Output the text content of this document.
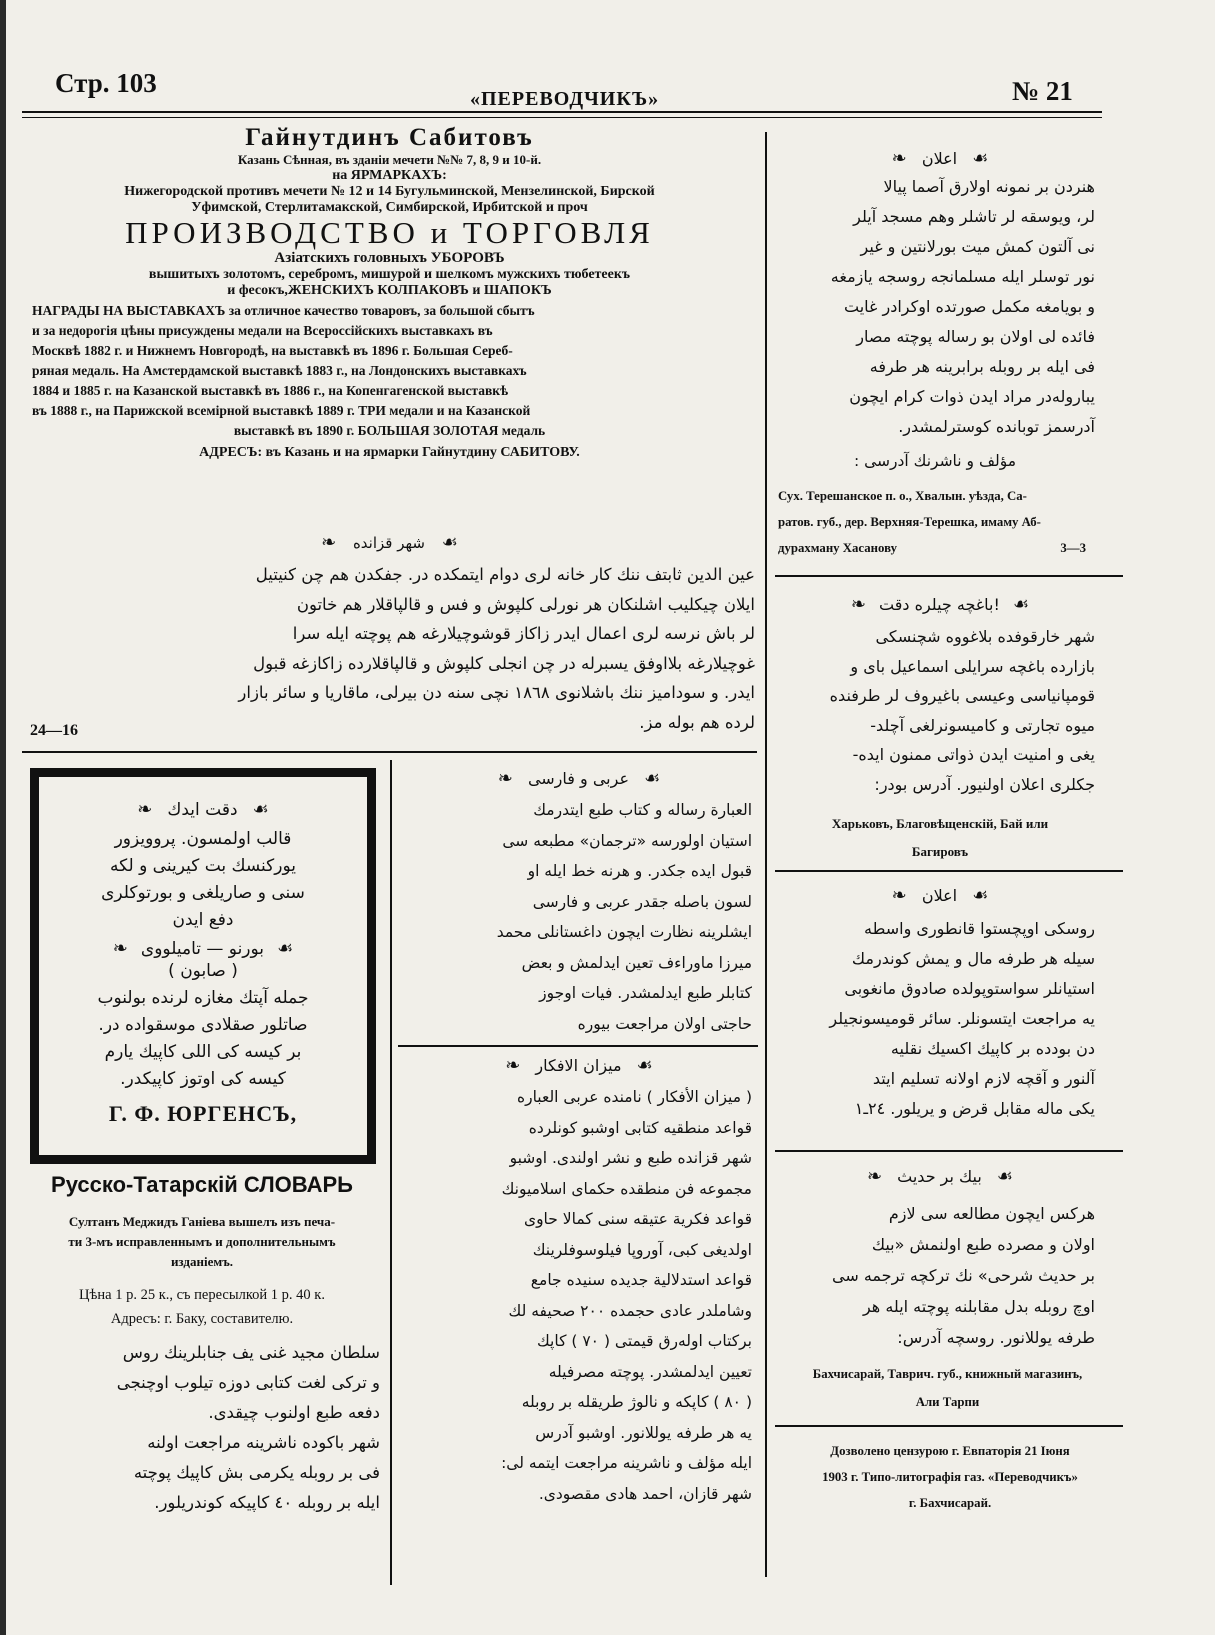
Стр. 103
«ПЕРЕВОДЧИКЪ»	№ 21

Гайнутдинъ Сабитовъ

Казань Сѣнная, въ зданіи мечети №№ 7, 8, 9 и 10-й.

на ЯРМАРКАХЪ:

Нижегородской противъ мечети № 12 и 14 Бугульминской, Мензелинской, Бирской

Уфимской, Стерлитамакской, Симбирской, Ирбитской и проч

ПРОИЗВОДСТВО и ТОРГОВЛЯ

Азіатскихъ головныхъ УБОРОВЪ

вышитыхъ золотомъ, серебромъ, мишурой и шелкомъ мужскихъ тюбетеекъ

и фесокъ,ЖЕНСКИХЪ КОЛПАКОВЪ и ШАПОКЪ

НАГРАДЫ НА ВЫСТАВКАХЪ за отличное качество товаровъ, за большой сбытъ

и за недорогія цѣны присуждены медали на Всероссійскихъ выставкахъ въ

Москвѣ 1882 г. и Нижнемъ Новгородѣ, на выставкѣ въ 1896 г. Большая Сереб-

ряная медаль. На Амстердамской выставкѣ 1883 г., на Лондонскихъ выставкахъ

1884 и 1885 г. на Казанской выставкѣ въ 1886 г., на Копенгагенской выставкѣ

въ 1888 г., на Парижской всемірной выставкѣ 1889 г. ТРИ медали и на Казанской

выставкѣ въ 1890 г. БОЛЬШАЯ ЗОЛОТАЯ медаль

АДРЕСЪ: въ Казань и на ярмарки Гайнутдину САБИТОВУ.

❧ شهر قزانده ☙

عين الدين ثابتف ننك كار خانه لرى دوام ايتمكده در. جفكدن هم چن كنيتيل

ايلان چيكليب اشلنكان هر نورلى كلپوش و فس و قالپاقلار هم خاتون

لر باش نرسه لرى اعمال ايدر زاكاز قوشوچيلارغه هم پوچته ايله سرا

غوچيلارغه بلااوفق يسبرله در چن انجلى كلپوش و قالپاقلارده زاكازغه قبول

ايدر. و سوداميز ننك باشلانوى ١٨٦٨ نچى سنه دن بيرلى، ماقاريا و سائر بازار

لرده هم بوله مز.

24—16
❧ اعلان ☙

هنردن بر نمونه اولارق آصما پيالا

لر، ويوسقه لر تاشلر وهم مسجد آيلر

نى آلتون كمش ميت بورلانتين و غير

نور توسلر ايله مسلمانجه روسجه يازمغه

و بويامغه مكمل صورتده اوكرادر غايت

فائده لى اولان بو رساله پوچته مصار

فى ايله بر روبله برابرينه هر طرفه

يبارولەدر مراد ايدن ذوات كرام ايچون

آدرسمز توبانده كوسترلمشدر.

مؤلف و ناشرنك آدرسى :
Сух. Терешанское п. о., Хвалын. уѣзда, Са-
ратов. губ., дер. Верхняя-Терешка, имаму Аб-
дурахману Хасанову	3—3
❧ باغچه چيلره دقت! ☙

شهر خارقوفده بلاغووه شچنسكى

بازارده باغچه سرايلى اسماعيل باى و

قومپانياسى وعيسى باغيروف لر طرفنده

ميوه تجارتى و كاميسونرلغى آچلد-

يغى و امنيت ايدن ذواتى ممنون ايده-

جكلرى اعلان اولنيور. آدرس بودر:

Харьковъ, Благовѣщенскій, Бай или
Багировъ
❧ اعلان ☙

روسكى اوپچستوا قانطورى واسطه

سيله هر طرفه مال و يمش كوندرمك

استيانلر سواستوپولده صادوق مانغوبى

يه مراجعت ايتسونلر. سائر قوميسونجيلر

دن بودده بر كاپيك اكسيك نقليه

آلنور و آقچه لازم اولانه تسليم ايتد

يكى ماله مقابل قرض و يريلور. ٢٤ـ١

❧ بيك بر حديث ☙

هركس ايچون مطالعه سى لازم

اولان و مصرده طبع اولنمش «بيك

بر حديث شرحى» نك تركچه ترجمه سى

اوچ روبله بدل مقابلنه پوچته ايله هر

طرفه يوللانور. روسچه آدرس:

Бахчисарай, Таврич. губ., книжный магазинъ,
Али Тарпи
Дозволено цензурою г. Евпаторія 21 Іюня
1903 г. Типо-литографія газ. «Переводчикъ»
г. Бахчисарай.
❧ دقت ايدك ☙

قالب اولمسون. پروويزور

يوركنسك بت كيرينى و لكه

سنى و صاريلغى و بورتوكلرى

دفع ايدن

❧ بورنو — تاميلووى ☙
( صابون )

جمله آپتك مغازه لرنده بولنوب

صاتلور صقلادى موسقواده در.

بر كيسه كى اللى كاپيك يارم

كيسه كى اوتوز كاپيكدر.

Г. Ф. ЮРГЕНСЪ,
Русско-Татарскій СЛОВАРЬ
Султанъ Меджидъ Ганіева вышелъ изъ печа-
ти 3-мъ исправленнымъ и дополнительнымъ
изданіемъ.
Цѣна 1 р. 25 к., съ пересылкой 1 р. 40 к.
Адресъ: г. Баку, составителю.

سلطان مجيد غنى يف جنابلرينك روس

و تركى لغت كتابى دوزه تيلوب اوچنجى

دفعه طبع اولنوب چيقدى.

شهر باكوده ناشرينه مراجعت اولنه

فى بر روبله يكرمى بش كاپيك پوچته

ايله بر روبله ٤٠ كاپيكه كوندريلور.

❧ عربى و فارسى ☙

العبارة رساله و كتاب طبع ايتدرمك

استيان اولورسه «ترجمان» مطبعه سى

قبول ايده جكدر. و هرنه خط ايله او

لسون باصله جقدر عربى و فارسى

ايشلرينه نظارت ايچون داغستانلى محمد

ميرزا ماوراءف تعين ايدلمش و بعض

كتابلر طبع ايدلمشدر. فيات اوجوز

حاجتى اولان مراجعت بيوره

❧ ميزان الافكار ☙

( ميزان الأفكار ) نامنده عربى العباره

قواعد منطقيه كتابى اوشبو كونلرده

شهر قزانده طبع و نشر اولندى. اوشبو

مجموعه فن منطقده حكماى اسلاميونك

قواعد فكرية عتيقه سنى كمالا حاوى

اولديغى كبى، آوروپا فيلوسوفلرينك

قواعد استدلالية جديده سنيده جامع

وشاملدر عادى حجمده ٢٠٠ صحيفه لك

بركتاب اولەرق قيمتى ( ٧٠ ) كاپك

تعيين ايدلمشدر. پوچته مصرفيله

( ٨٠ ) كاپكه و نالوژ طريقله بر روبله

يه هر طرفه يوللانور. اوشبو آدرس

ايله مؤلف و ناشرينه مراجعت ايتمه لى:

شهر قازان، احمد هادى مقصودى.
